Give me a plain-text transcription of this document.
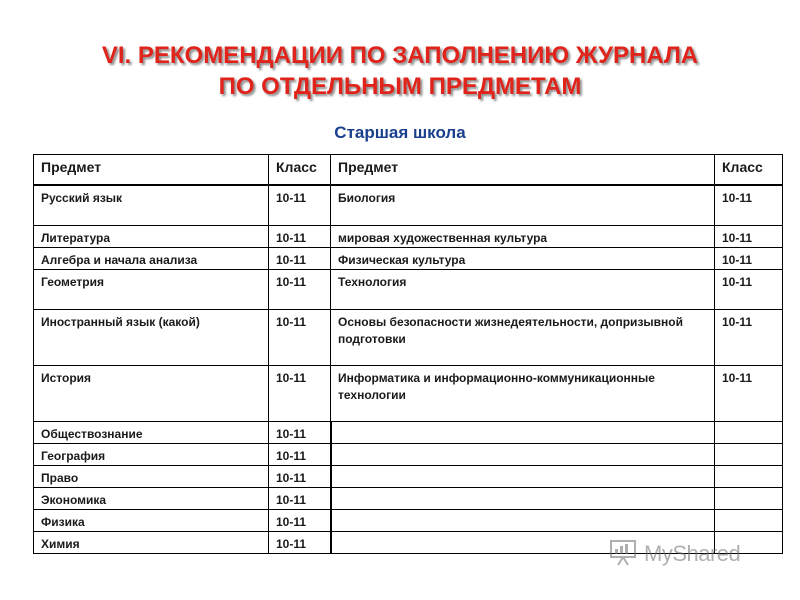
VI. РЕКОМЕНДАЦИИ ПО ЗАПОЛНЕНИЮ ЖУРНАЛА
ПО ОТДЕЛЬНЫМ ПРЕДМЕТАМ
Старшая школа
Предмет	Класс	Предмет	Класс
Русский язык	10-11	Биология	10-11
Литература	10-11	мировая художественная культура	10-11
Алгебра и начала анализа	10-11	Физическая культура	10-11
Геометрия	10-11	Технология	10-11
Иностранный язык (какой)	10-11	Основы безопасности жизнедеятельности, допризывной подготовки	10-11
История	10-11	Информатика и информационно-коммуникационные технологии	10-11
Обществознание	10-11		
География	10-11		
Право	10-11		
Экономика	10-11		
Физика	10-11		
Химия	10-11			MyShared
